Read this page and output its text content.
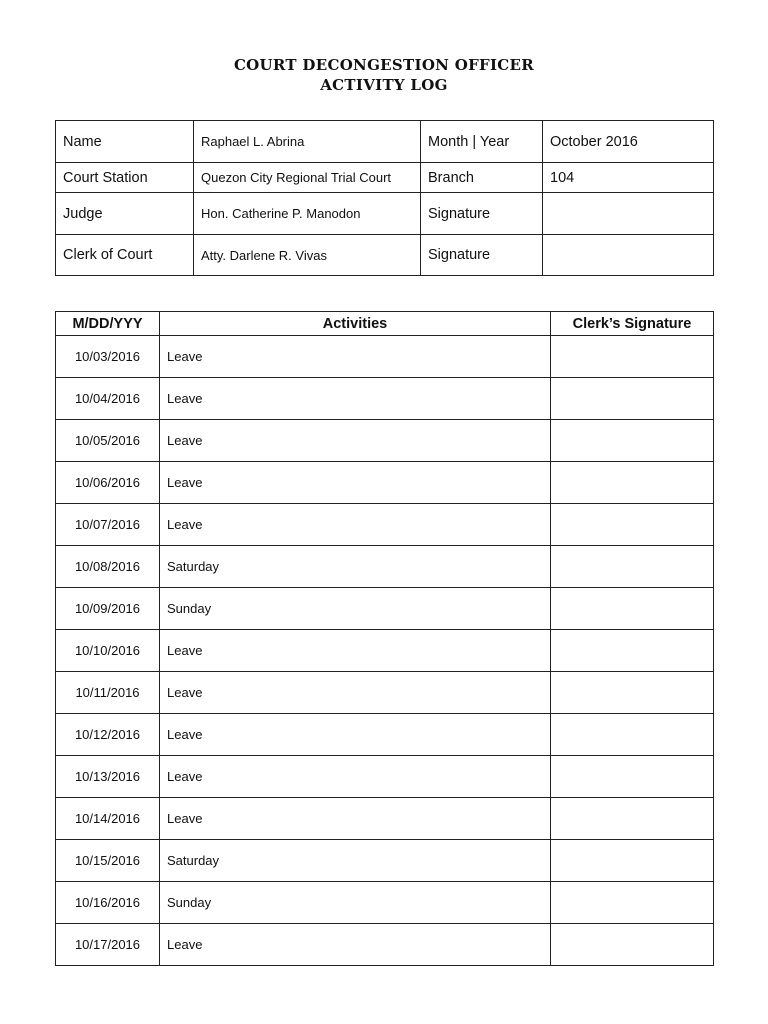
COURT DECONGESTION OFFICER
ACTIVITY LOG
Name	Raphael L. Abrina	Month | Year	October 2016
Court Station	Quezon City Regional Trial Court	Branch	104
Judge	Hon. Catherine P. Manodon	Signature	
Clerk of Court	Atty. Darlene R. Vivas	Signature	
M/DD/YYY	Activities	Clerk’s Signature
10/03/2016	Leave	
10/04/2016	Leave	
10/05/2016	Leave	
10/06/2016	Leave	
10/07/2016	Leave	
10/08/2016	Saturday	
10/09/2016	Sunday	
10/10/2016	Leave	
10/11/2016	Leave	
10/12/2016	Leave	
10/13/2016	Leave	
10/14/2016	Leave	
10/15/2016	Saturday	
10/16/2016	Sunday	
10/17/2016	Leave	
